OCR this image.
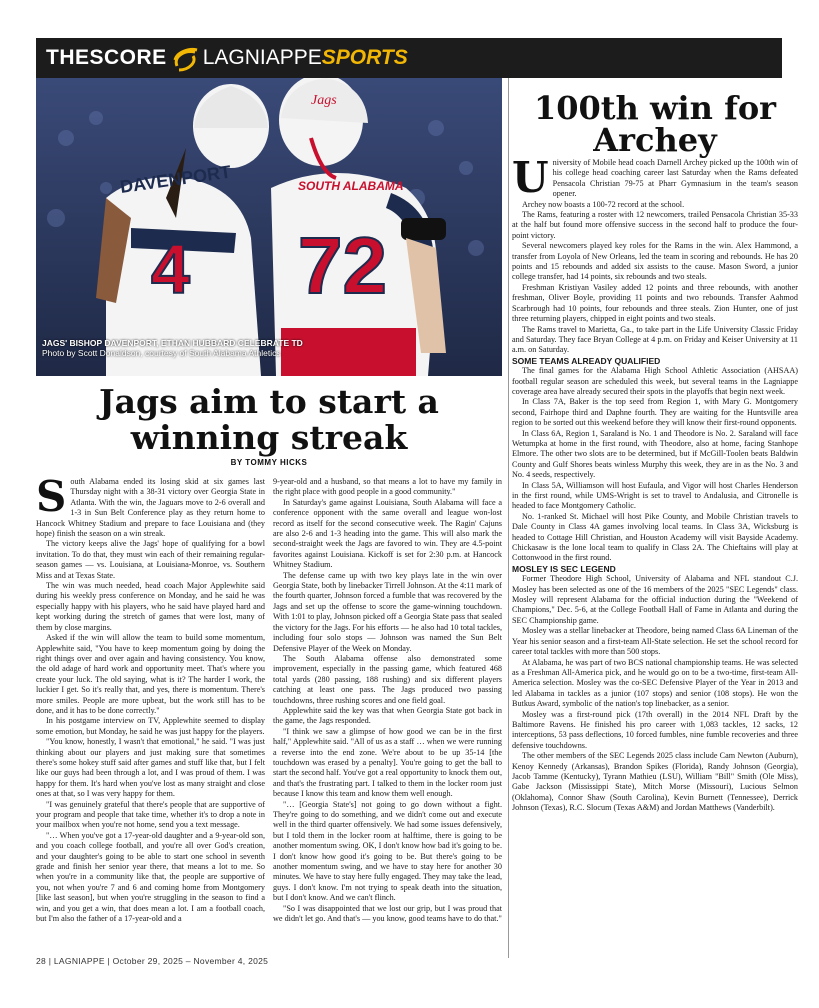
THESCORE LAGNIAPPE SPORTS
Jags
DAVENPORT
4
SOUTH ALABAMA
72
JAGS' BISHOP DAVENPORT, ETHAN HUBBARD CELEBRATE TD
Photo by Scott Donaldson, courtesy of South Alabama Athletics
Jags aim to start a winning streak
BY TOMMY HICKS

South Alabama ended its losing skid at six games last Thursday night with a 38-31 victory over Georgia State in Atlanta. With the win, the Jaguars move to 2-6 overall and 1-3 in Sun Belt Conference play as they return home to Hancock Whitney Stadium and prepare to face Louisiana and (they hope) finish the season on a win streak.

The victory keeps alive the Jags' hope of qualifying for a bowl invitation. To do that, they must win each of their remaining regular-season games — vs. Louisiana, at Louisiana-Monroe, vs. Southern Miss and at Texas State.

The win was much needed, head coach Major Applewhite said during his weekly press conference on Monday, and he said he was especially happy with his players, who he said have played hard and kept working during the stretch of games that were lost, many of them by close margins.

Asked if the win will allow the team to build some momentum, Applewhite said, "You have to keep momentum going by doing the right things over and over again and having consistency. You know, the old adage of hard work and opportunity meet. That's where you create your luck. The old saying, what is it? The harder I work, the luckier I get. So it's really that, and yes, there is momentum. There's more smiles. People are more upbeat, but the work still has to be done, and it has to be done correctly."

In his postgame interview on TV, Applewhite seemed to display some emotion, but Monday, he said he was just happy for the players.

"You know, honestly, I wasn't that emotional," he said. "I was just thinking about our players and just making sure that sometimes there's some hokey stuff said after games and stuff like that, but I felt like our guys had been through a lot, and I was proud of them. I was happy for them. It's hard when you've lost as many straight and close ones at that, so I was very happy for them.

"I was genuinely grateful that there's people that are supportive of your program and people that take time, whether it's to drop a note in your mailbox when you're not home, send you a text message.

"… When you've got a 17-year-old daughter and a 9-year-old son, and you coach college football, and you're all over God's creation, and your daughter's going to be able to start one school in seventh grade and finish her senior year there, that means a lot to me. So when you're in a community like that, the people are supportive of you, not when you're 7 and 6 and coming home from Montgomery [like last season], but when you're struggling in the season to find a win, and you get a win, that does mean a lot. I am a football coach, but I'm also the father of a 17-year-old and a

9-year-old and a husband, so that means a lot to have my family in the right place with good people in a good community."

In Saturday's game against Louisiana, South Alabama will face a conference opponent with the same overall and league won-lost record as itself for the second consecutive week. The Ragin' Cajuns are also 2-6 and 1-3 heading into the game. This will also mark the second-straight week the Jags are favored to win. They are 4.5-point favorites against Louisiana. Kickoff is set for 2:30 p.m. at Hancock Whitney Stadium.

The defense came up with two key plays late in the win over Georgia State, both by linebacker Tirrell Johnson. At the 4:11 mark of the fourth quarter, Johnson forced a fumble that was recovered by the Jags and set up the offense to score the game-winning touchdown. With 1:01 to play, Johnson picked off a Georgia State pass that sealed the victory for the Jags. For his efforts — he also had 10 total tackles, including four solo stops — Johnson was named the Sun Belt Defensive Player of the Week on Monday.

The South Alabama offense also demonstrated some improvement, especially in the passing game, which featured 468 total yards (280 passing, 188 rushing) and six different players catching at least one pass. The Jags produced two passing touchdowns, three rushing scores and one field goal.

Applewhite said the key was that when Georgia State got back in the game, the Jags responded.

"I think we saw a glimpse of how good we can be in the first half," Applewhite said. "All of us as a staff … when we were running a reverse into the end zone. We're about to be up 35-14 [the touchdown was erased by a penalty]. You're going to get the ball to start the second half. You've got a real opportunity to knock them out, and that's the frustrating part. I talked to them in the locker room just because I know this team and know them well enough.

"… [Georgia State's] not going to go down without a fight. They're going to do something, and we didn't come out and execute well in the third quarter offensively. We had some issues defensively, but I told them in the locker room at halftime, there is going to be another momentum swing. OK, I don't know how bad it's going to be. I don't know how good it's going to be. But there's going to be another momentum swing, and we have to stay here for another 30 minutes. We have to stay here fully engaged. They may take the lead, guys. I don't know. I'm not trying to speak death into the situation, but I don't know. And we can't flinch.

"So I was disappointed that we lost our grip, but I was proud that we didn't let go. And that's — you know, good teams have to do that."

100th win for Archey

University of Mobile head coach Darnell Archey picked up the 100th win of his college head coaching career last Saturday when the Rams defeated Pensacola Christian 79-75 at Pharr Gymnasium in the team's season opener.

Archey now boasts a 100-72 record at the school.

The Rams, featuring a roster with 12 newcomers, trailed Pensacola Christian 35-33 at the half but found more offensive success in the second half to produce the four-point victory.

Several newcomers played key roles for the Rams in the win. Alex Hammond, a transfer from Loyola of New Orleans, led the team in scoring and rebounds. He has 20 points and 15 rebounds and added six assists to the cause. Mason Sword, a junior college transfer, had 14 points, six rebounds and two steals.

Freshman Kristiyan Vasiley added 12 points and three rebounds, with another freshman, Oliver Boyle, providing 11 points and two rebounds. Transfer Aahmod Scarbrough had 10 points, four rebounds and three steals. Zion Hunter, one of just three returning players, chipped in eight points and two steals.

The Rams travel to Marietta, Ga., to take part in the Life University Classic Friday and Saturday. They face Bryan College at 4 p.m. on Friday and Keiser University at 11 a.m. on Saturday.

SOME TEAMS ALREADY QUALIFIED

The final games for the Alabama High School Athletic Association (AHSAA) football regular season are scheduled this week, but several teams in the Lagniappe coverage area have already secured their spots in the playoffs that begin next week.

In Class 7A, Baker is the top seed from Region 1, with Mary G. Montgomery second, Fairhope third and Daphne fourth. They are waiting for the Huntsville area region to be sorted out this weekend before they will know their first-round opponents.

In Class 6A, Region 1, Saraland is No. 1 and Theodore is No. 2. Saraland will face Wetumpka at home in the first round, with Theodore, also at home, facing Stanhope Elmore. The other two slots are to be determined, but if McGill-Toolen beats Baldwin County and Gulf Shores beats winless Murphy this week, they are in as the No. 3 and No. 4 seeds, respectively.

In Class 5A, Williamson will host Eufaula, and Vigor will host Charles Henderson in the first round, while UMS-Wright is set to travel to Andalusia, and Citronelle is headed to face Montgomery Catholic.

No. 1-ranked St. Michael will host Pike County, and Mobile Christian travels to Dale County in Class 4A games involving local teams. In Class 3A, Wicksburg is headed to Cottage Hill Christian, and Houston Academy will visit Bayside Academy. Chickasaw is the lone local team to qualify in Class 2A. The Chieftains will play at Cottonwood in the first round.

MOSLEY IS SEC LEGEND

Former Theodore High School, University of Alabama and NFL standout C.J. Mosley has been selected as one of the 16 members of the 2025 "SEC Legends" class. Mosley will represent Alabama for the official induction during the "Weekend of Champions," Dec. 5-6, at the College Football Hall of Fame in Atlanta and during the SEC Championship game.

Mosley was a stellar linebacker at Theodore, being named Class 6A Lineman of the Year his senior season and a first-team All-State selection. He set the school record for career total tackles with more than 500 stops.

At Alabama, he was part of two BCS national championship teams. He was selected as a Freshman All-America pick, and he would go on to be a two-time, first-team All-America selection. Mosley was the co-SEC Defensive Player of the Year in 2013 and led Alabama in tackles as a junior (107 stops) and senior (108 stops). He won the Butkus Award, symbolic of the nation's top linebacker, as a senior.

Mosley was a first-round pick (17th overall) in the 2014 NFL Draft by the Baltimore Ravens. He finished his pro career with 1,083 tackles, 12 sacks, 12 interceptions, 53 pass deflections, 10 forced fumbles, nine fumble recoveries and three defensive touchdowns.

The other members of the SEC Legends 2025 class include Cam Newton (Auburn), Kenoy Kennedy (Arkansas), Brandon Spikes (Florida), Randy Johnson (Georgia), Jacob Tamme (Kentucky), Tyrann Mathieu (LSU), William "Bill" Smith (Ole Miss), Gabe Jackson (Mississippi State), Mitch Morse (Missouri), Lucious Selmon (Oklahoma), Connor Shaw (South Carolina), Kevin Burnett (Tennessee), Derrick Johnson (Texas), R.C. Slocum (Texas A&M) and Jordan Matthews (Vanderbilt).

28 | LAGNIAPPE | October 29, 2025 – November 4, 2025
